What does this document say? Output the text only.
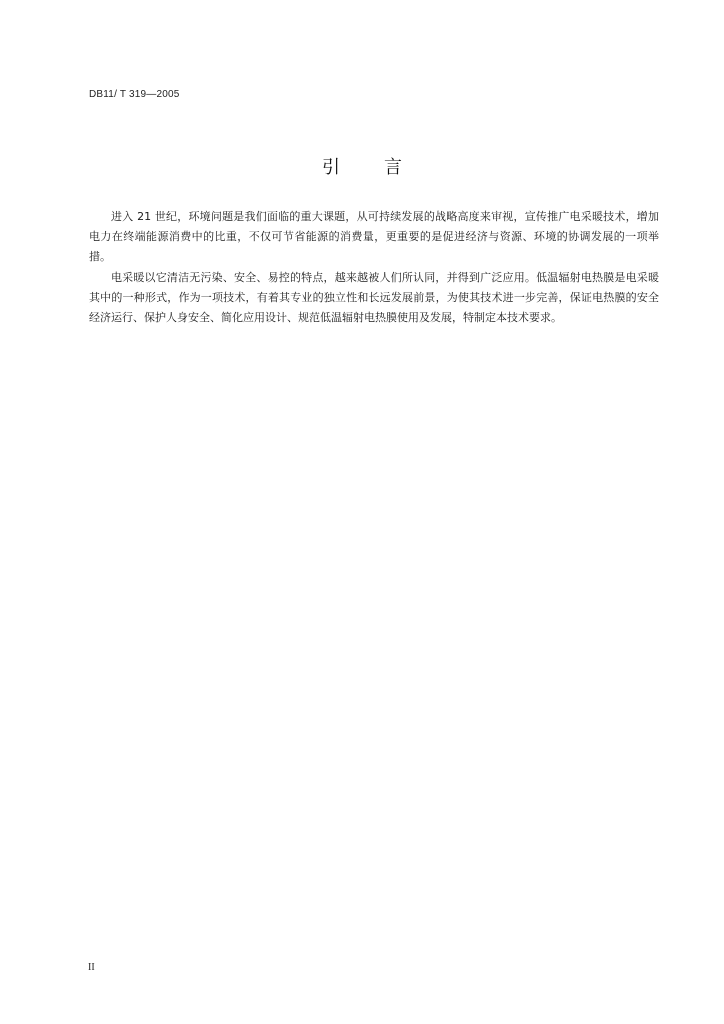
DB11/ T 319—2005
引言

进入 21 世纪，环境问题是我们面临的重大课题，从可持续发展的战略高度来审视，宣传推广电采暖技术，增加电力在终端能源消费中的比重，不仅可节省能源的消费量，更重要的是促进经济与资源、环境的协调发展的一项举措。

电采暖以它清洁无污染、安全、易控的特点，越来越被人们所认同，并得到广泛应用。低温辐射电热膜是电采暖其中的一种形式，作为一项技术，有着其专业的独立性和长远发展前景，为使其技术进一步完善，保证电热膜的安全经济运行、保护人身安全、简化应用设计、规范低温辐射电热膜使用及发展，特制定本技术要求。

II
